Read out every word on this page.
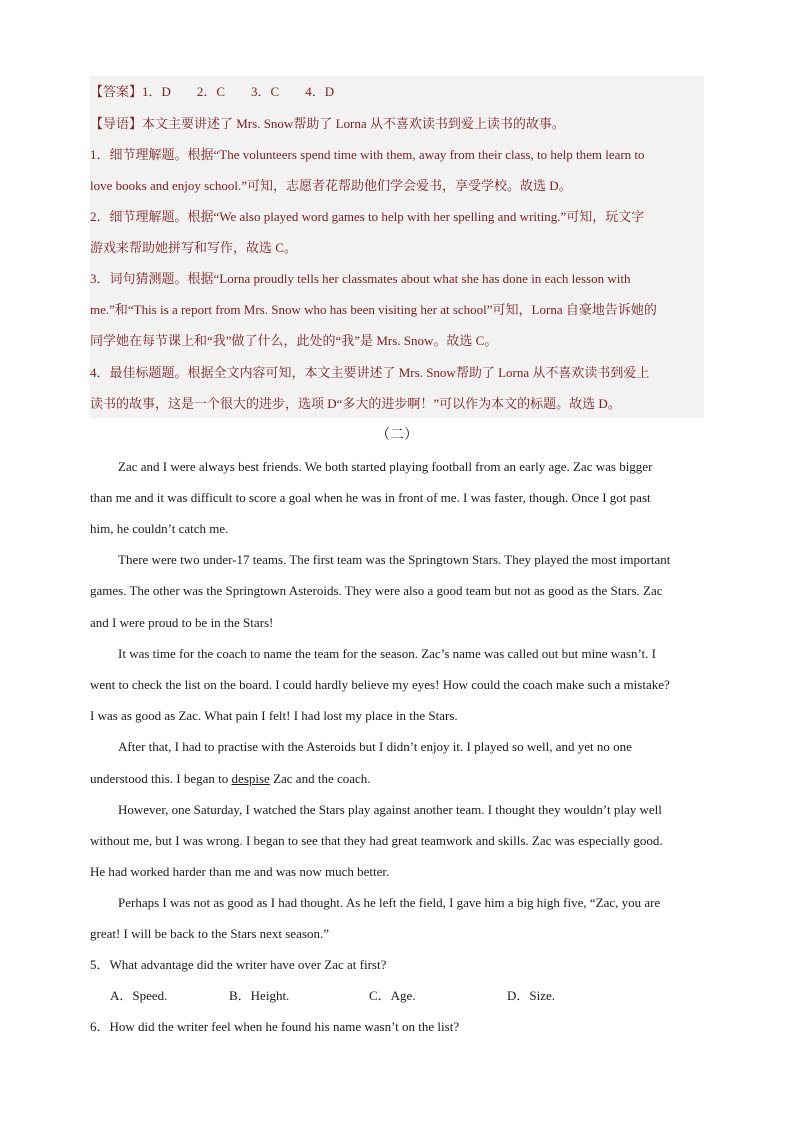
【答案】1．D　　2．C　　3．C　　4．D
【导语】本文主要讲述了 Mrs. Snow帮助了 Lorna 从不喜欢读书到爱上读书的故事。
1．细节理解题。根据“The volunteers spend time with them, away from their class, to help them learn to
love books and enjoy school.”可知，志愿者花帮助他们学会爱书，享受学校。故选 D。
2．细节理解题。根据“We also played word games to help with her spelling and writing.”可知，玩文字
游戏来帮助她拼写和写作，故选 C。
3．词句猜测题。根据“Lorna proudly tells her classmates about what she has done in each lesson with
me.”和“This is a report from Mrs. Snow who has been visiting her at school”可知，Lorna 自豪地告诉她的
同学她在每节课上和“我”做了什么，此处的“我”是 Mrs. Snow。故选 C。
4．最佳标题题。根据全文内容可知，本文主要讲述了 Mrs. Snow帮助了 Lorna 从不喜欢读书到爱上
读书的故事，这是一个很大的进步，选项 D“多大的进步啊！”可以作为本文的标题。故选 D。
（二）
Zac and I were always best friends. We both started playing football from an early age. Zac was bigger
than me and it was difficult to score a goal when he was in front of me. I was faster, though. Once I got past
him, he couldn’t catch me.
There were two under-17 teams. The first team was the Springtown Stars. They played the most important
games. The other was the Springtown Asteroids. They were also a good team but not as good as the Stars. Zac
and I were proud to be in the Stars!
It was time for the coach to name the team for the season. Zac’s name was called out but mine wasn’t. I
went to check the list on the board. I could hardly believe my eyes! How could the coach make such a mistake?
I was as good as Zac. What pain I felt! I had lost my place in the Stars.
After that, I had to practise with the Asteroids but I didn’t enjoy it. I played so well, and yet no one
understood this. I began to despise Zac and the coach.
However, one Saturday, I watched the Stars play against another team. I thought they wouldn’t play well
without me, but I was wrong. I began to see that they had great teamwork and skills. Zac was especially good.
He had worked harder than me and was now much better.
Perhaps I was not as good as I had thought. As he left the field, I gave him a big high five, “Zac, you are
great! I will be back to the Stars next season.”
5．What advantage did the writer have over Zac at first?
A．Speed.	B．Height.	C．Age.	D．Size.
6．How did the writer feel when he found his name wasn’t on the list?
